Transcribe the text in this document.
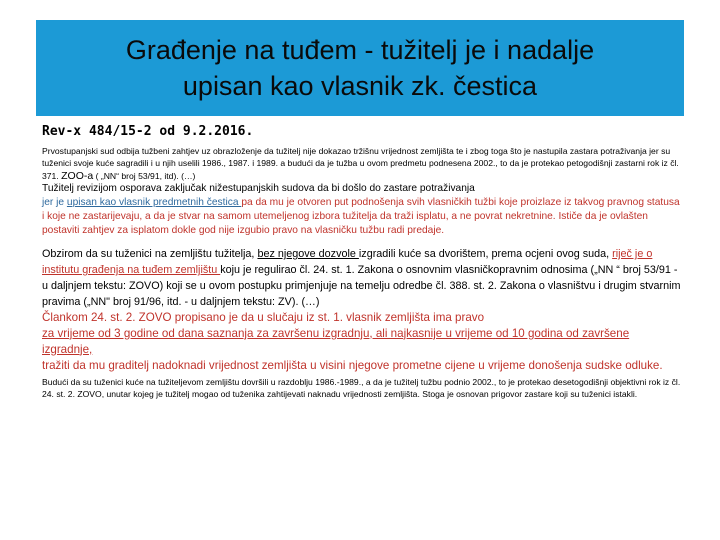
Građenje na tuđem - tužitelj je i nadalje
upisan kao vlasnik zk. čestica

Rev-x 484/15-2 od 9.2.2016.

Prvostupanjski sud odbija tužbeni zahtjev uz obrazloženje da tužitelj nije dokazao tržišnu vrijednost zemljišta te i zbog toga što je nastupila zastara potraživanja jer su tuženici svoje kuće sagradili i u njih uselili 1986., 1987. i 1989. a budući da je tužba u ovom predmetu podnesena 2002., to da je protekao petogodišnji zastarni rok iz čl. 371. ZOO-a ( „NN“ broj 53/91, itd). (…)

Tužitelj revizijom osporava zaključak nižestupanjskih sudova da bi došlo do zastare potraživanja
jer je upisan kao vlasnik predmetnih čestica pa da mu je otvoren put podnošenja svih vlasničkih tužbi koje proizlaze iz takvog pravnog statusa i koje ne zastarijevaju, a da je stvar na samom utemeljenog izbora tužitelja da traži isplatu, a ne povrat nekretnine. Ističe da je ovlašten postaviti zahtjev za isplatom dokle god nije izgubio pravo na vlasničku tužbu radi predaje.

Obzirom da su tuženici na zemljištu tužitelja, bez njegove dozvole izgradili kuće sa dvorištem, prema ocjeni ovog suda, riječ je o institutu građenja na tuđem zemljištu koju je regulirao čl. 24. st. 1. Zakona o osnovnim vlasničkopravnim odnosima („NN “ broj 53/91 - u daljnjem tekstu: ZOVO) koji se u ovom postupku primjenjuje na temelju odredbe čl. 388. st. 2. Zakona o vlasništvu i drugim stvarnim pravima („NN" broj 91/96, itd. - u daljnjem tekstu: ZV). (…)

Člankom 24. st. 2. ZOVO propisano je da u slučaju iz st. 1. vlasnik zemljišta ima pravo
za vrijeme od 3 godine od dana saznanja za završenu izgradnju, ali najkasnije u vrijeme od 10 godina od završene izgradnje,
tražiti da mu graditelj nadoknadi vrijednost zemljišta u visini njegove prometne cijene u vrijeme donošenja sudske odluke.

Budući da su tuženici kuće na tužiteljevom zemljištu dovršili u razdoblju 1986.-1989., a da je tužitelj tužbu podnio 2002., to je protekao desetogodišnji objektivni rok iz čl. 24. st. 2. ZOVO, unutar kojeg je tužitelj mogao od tuženika zahtijevati naknadu vrijednosti zemljišta. Stoga je osnovan prigovor zastare koji su tuženici istakli.
